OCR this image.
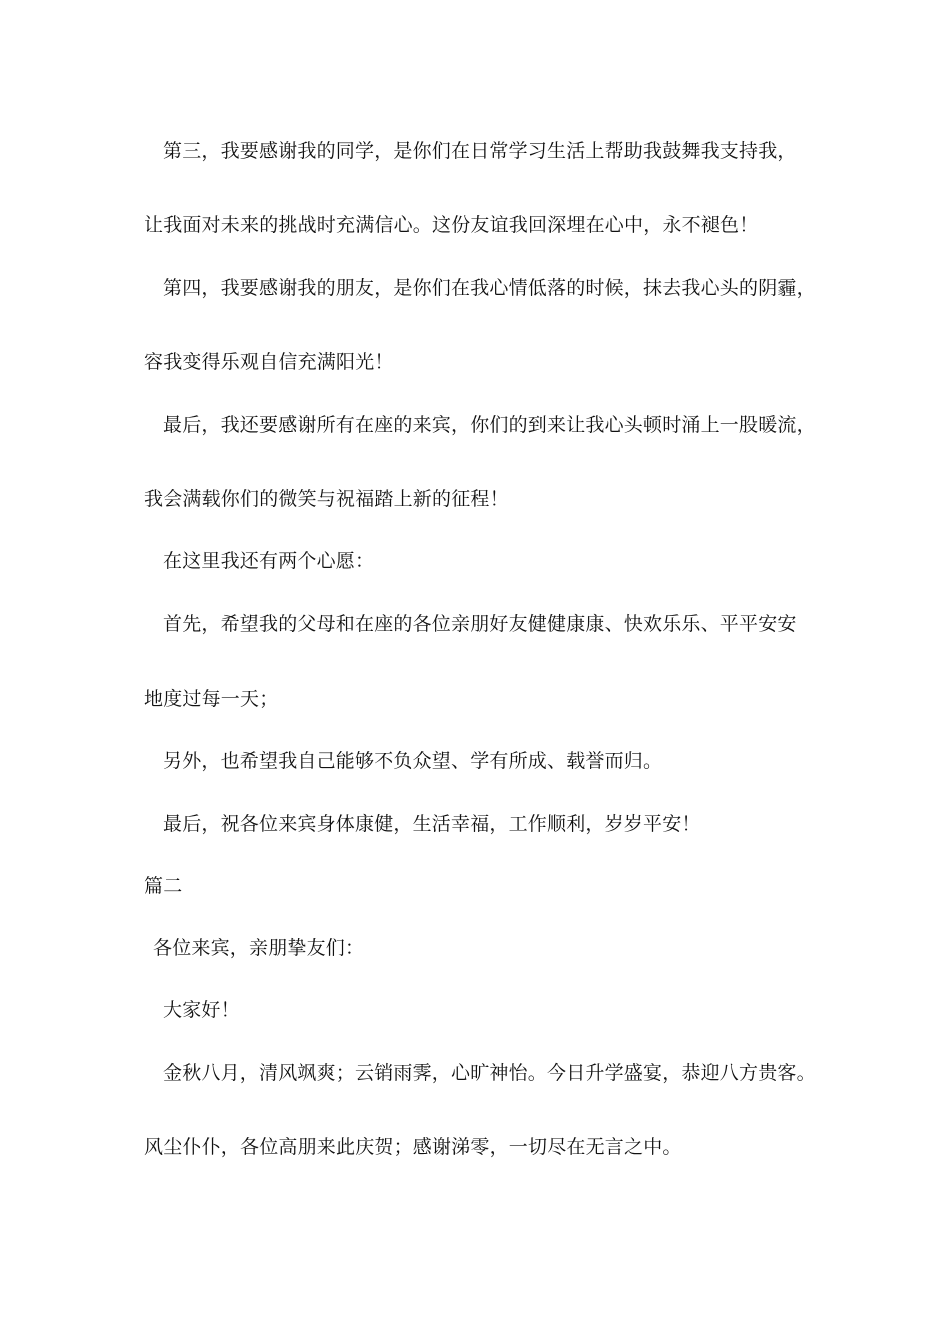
第三，我要感谢我的同学，是你们在日常学习生活上帮助我鼓舞我支持我，
让我面对未来的挑战时充满信心。这份友谊我回深埋在心中，永不褪色！
第四，我要感谢我的朋友，是你们在我心情低落的时候，抹去我心头的阴霾，
容我变得乐观自信充满阳光！
最后，我还要感谢所有在座的来宾，你们的到来让我心头顿时涌上一股暖流，
我会满载你们的微笑与祝福踏上新的征程！
在这里我还有两个心愿：
首先，希望我的父母和在座的各位亲朋好友健健康康、快欢乐乐、平平安安
地度过每一天；
另外，也希望我自己能够不负众望、学有所成、载誉而归。
最后，祝各位来宾身体康健，生活幸福，工作顺利，岁岁平安！
篇二
各位来宾，亲朋挚友们：
大家好！
金秋八月，清风飒爽；云销雨霁，心旷神怡。今日升学盛宴，恭迎八方贵客。
风尘仆仆，各位高朋来此庆贺；感谢涕零，一切尽在无言之中。
